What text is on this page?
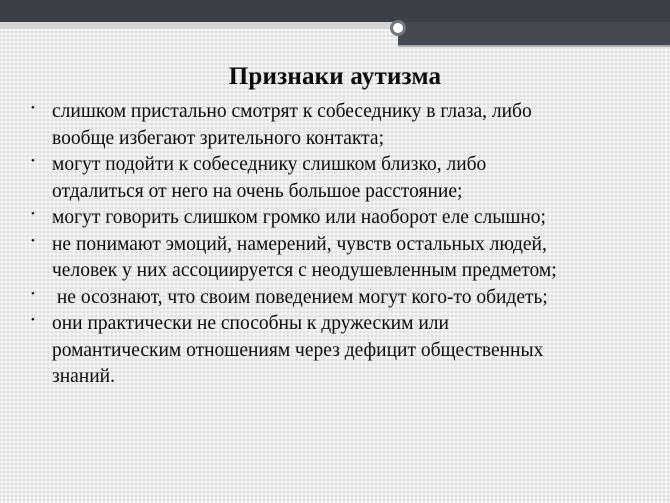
Признаки аутизма
• слишком пристально смотрят к собеседнику в глаза, либо
вообще избегают зрительного контакта;
• могут подойти к собеседнику слишком близко, либо
отдалиться от него на очень большое расстояние;
• могут говорить слишком громко или наоборот еле слышно;
• не понимают эмоций, намерений, чувств остальных людей,
человек у них ассоциируется с неодушевленным предметом;
• не осознают, что своим поведением могут кого-то обидеть;
• они практически не способны к дружеским или
романтическим отношениям через дефицит общественных
знаний.
